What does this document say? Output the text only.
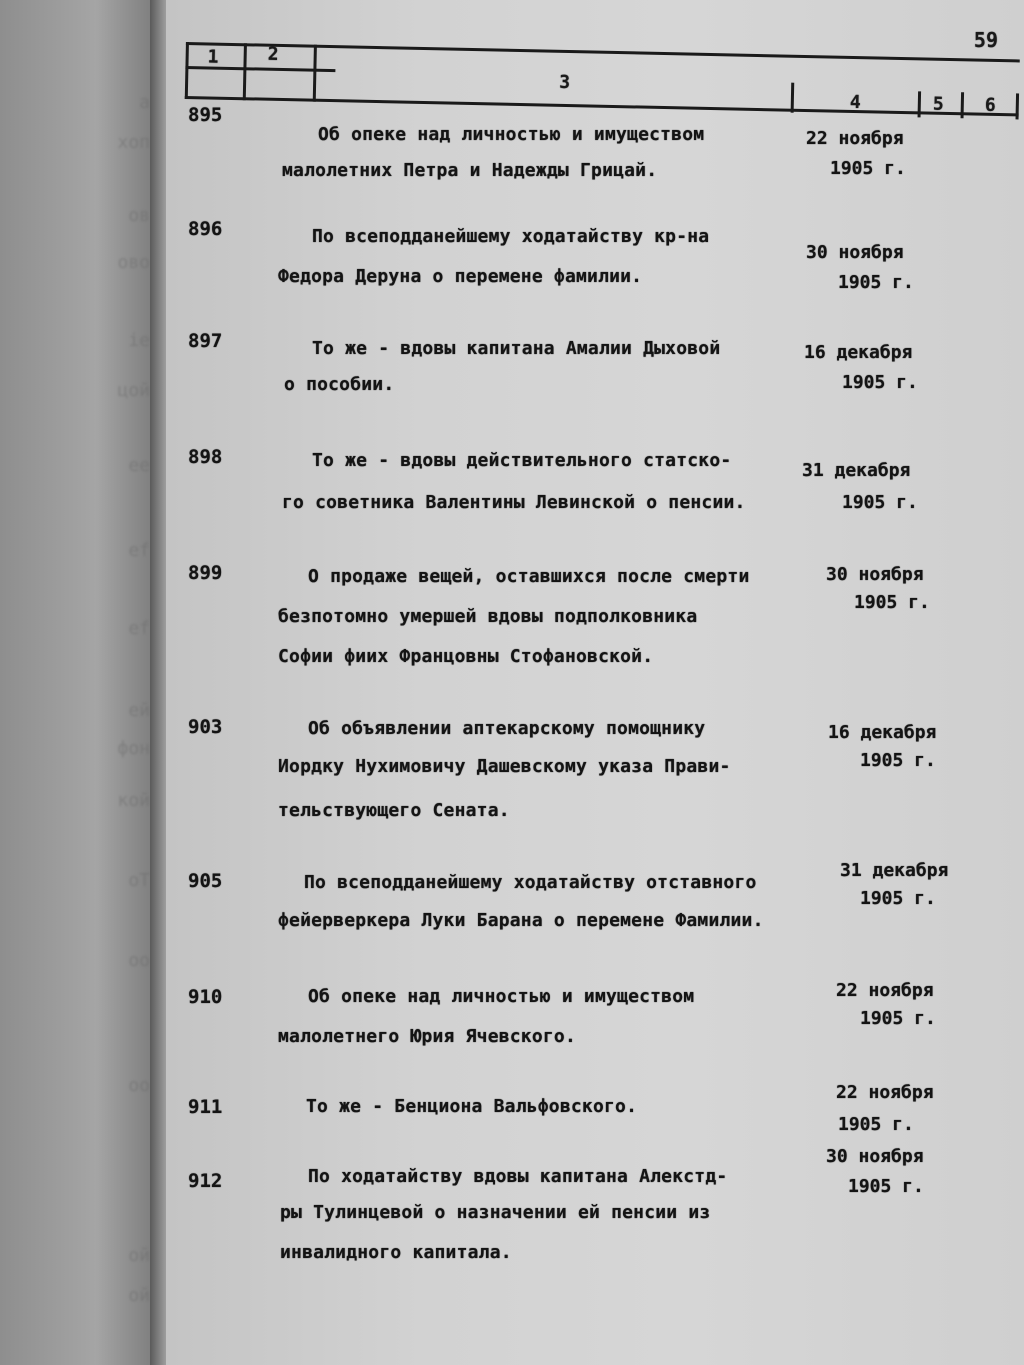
а
хоп
ов
ово
ie
цой
ee
ef
ef
ей
фон
кой
оТ
оо
оо
ой
ой
59
1	2
3
4	5 6
895
Об опеке над личностью и имуществом
малолетних Петра и Надежды Грицай.
22 ноября
1905 г.
896	По всеподданейшему ходатайству кр-на
Федора Деруна о перемене фамилии.
30 ноября
1905 г.
897	То же - вдовы капитана Амалии Дыховой
о пособии.
16 декабря
1905 г.
898	То же - вдовы действительного статско-
го советника Валентины Левинской о пенсии.
31 декабря
1905 г.
899	О продаже вещей, оставшихся после смерти
безпотомно умершей вдовы подполковника
Софии фиих Францовны Стофановской.
30 ноября
1905 г.
903	Об объявлении аптекарскому помощнику
Иордку Нухимовичу Дашевскому указа Прави-
тельствующего Сената.
16 декабря
1905 г.
905	По всеподданейшему ходатайству отставного
фейерверкера Луки Барана о перемене Фамилии.
31 декабря
1905 г.
910	Об опеке над личностью и имуществом
малолетнего Юрия Ячевского.
22 ноября
1905 г.
911	То же - Бенциона Вальфовского.
22 ноября
1905 г.
912	По ходатайству вдовы капитана Алекстд-
ры Тулинцевой о назначении ей пенсии из
инвалидного капитала.
30 ноября
1905 г.
